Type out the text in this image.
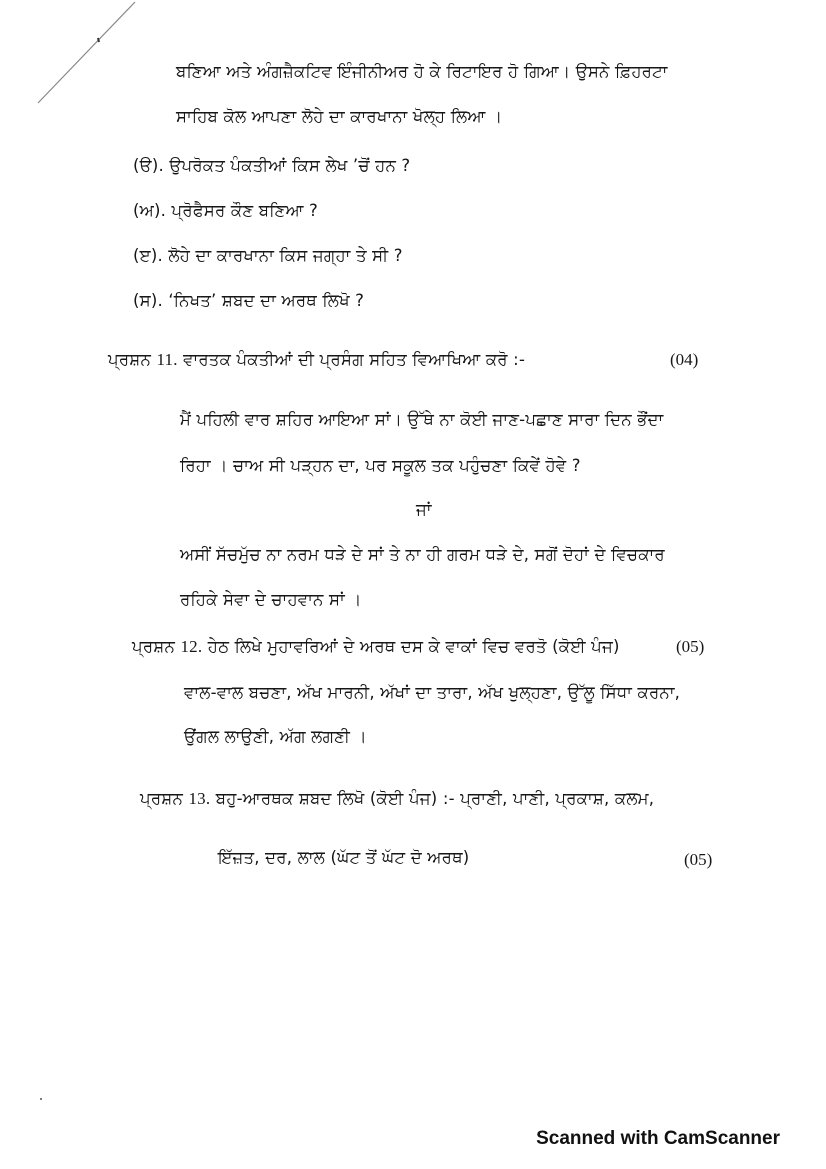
ਬਣਿਆ ਅਤੇ ਅੰਗਜ਼ੈਕਟਿਵ ਇੰਜੀਨੀਅਰ ਹੋ ਕੇ ਰਿਟਾਇਰ ਹੋ ਗਿਆ। ਉਸਨੇ ਫ਼ਿਹਰਟਾ
ਸਾਹਿਬ ਕੋਲ ਆਪਣਾ ਲੋਹੇ ਦਾ ਕਾਰਖਾਨਾ ਖੋਲ੍ਹ ਲਿਆ ।
(ੳ). ਉਪਰੋਕਤ ਪੰਕਤੀਆਂ ਕਿਸ ਲੇਖ ’ਚੋਂ ਹਨ ?
(ਅ). ਪ੍ਰੋਫੈਸਰ ਕੌਣ ਬਣਿਆ ?
(ੲ). ਲੋਹੇ ਦਾ ਕਾਰਖਾਨਾ ਕਿਸ ਜਗ੍ਹਾ ਤੇ ਸੀ ?
(ਸ). ‘ਨਿਖਤ’ ਸ਼ਬਦ ਦਾ ਅਰਥ ਲਿਖੋ ?
ਪ੍ਰਸ਼ਨ 11. ਵਾਰਤਕ ਪੰਕਤੀਆਂ ਦੀ ਪ੍ਰਸੰਗ ਸਹਿਤ ਵਿਆਖਿਆ ਕਰੋ :-	(04)
ਮੈਂ ਪਹਿਲੀ ਵਾਰ ਸ਼ਹਿਰ ਆਇਆ ਸਾਂ। ਉੱਥੇ ਨਾ ਕੋਈ ਜਾਣ-ਪਛਾਣ ਸਾਰਾ ਦਿਨ ਭੌਂਦਾ
ਰਿਹਾ । ਚਾਅ ਸੀ ਪੜ੍ਹਨ ਦਾ, ਪਰ ਸਕੂਲ ਤਕ ਪਹੁੰਚਣਾ ਕਿਵੇਂ ਹੋਵੇ ?
ਜਾਂ
ਅਸੀਂ ਸੱਚਮੁੱਚ ਨਾ ਨਰਮ ਧੜੇ ਦੇ ਸਾਂ ਤੇ ਨਾ ਹੀ ਗਰਮ ਧੜੇ ਦੇ, ਸਗੋਂ ਦੋਹਾਂ ਦੇ ਵਿਚਕਾਰ
ਰਹਿਕੇ ਸੇਵਾ ਦੇ ਚਾਹਵਾਨ ਸਾਂ ।
ਪ੍ਰਸ਼ਨ 12. ਹੇਠ ਲਿਖੇ ਮੁਹਾਵਰਿਆਂ ਦੇ ਅਰਥ ਦਸ ਕੇ ਵਾਕਾਂ ਵਿਚ ਵਰਤੋ (ਕੋਈ ਪੰਜ)	(05)
ਵਾਲ-ਵਾਲ ਬਚਣਾ, ਅੱਖ ਮਾਰਨੀ, ਅੱਖਾਂ ਦਾ ਤਾਰਾ, ਅੱਖ ਖੁਲ੍ਹਣਾ, ਉੱਲੂ ਸਿੱਧਾ ਕਰਨਾ,
ਉਂਗਲ ਲਾਉਣੀ, ਅੱਗ ਲਗਣੀ ।
ਪ੍ਰਸ਼ਨ 13. ਬਹੁ-ਆਰਥਕ ਸ਼ਬਦ ਲਿਖੋ (ਕੋਈ ਪੰਜ) :- ਪ੍ਰਾਣੀ, ਪਾਣੀ, ਪ੍ਰਕਾਸ਼, ਕਲਮ,
ਇੱਜ਼ਤ, ਦਰ, ਲਾਲ (ਘੱਟ ਤੋਂ ਘੱਟ ਦੋ ਅਰਥ)	(05)
Scanned with CamScanner
